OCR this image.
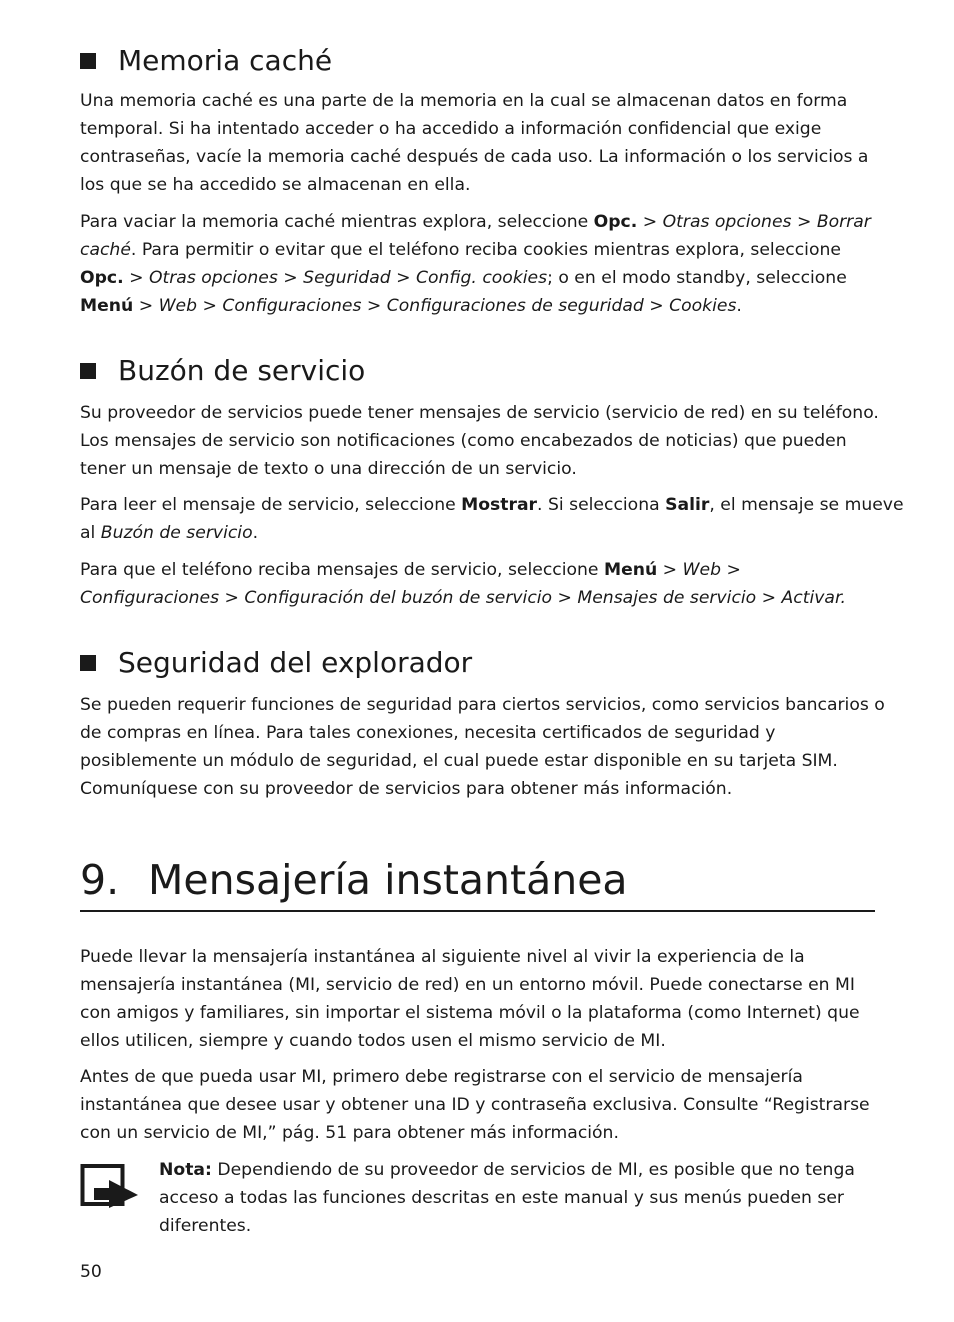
Memoria caché

Una memoria caché es una parte de la memoria en la cual se almacenan datos en forma
temporal. Si ha intentado acceder o ha accedido a información confidencial que exige
contraseñas, vacíe la memoria caché después de cada uso. La información o los servicios a
los que se ha accedido se almacenan en ella.

Para vaciar la memoria caché mientras explora, seleccione Opc. > Otras opciones > Borrar
caché. Para permitir o evitar que el teléfono reciba cookies mientras explora, seleccione
Opc. > Otras opciones > Seguridad > Config. cookies; o en el modo standby, seleccione
Menú > Web > Configuraciones > Configuraciones de seguridad > Cookies.

Buzón de servicio

Su proveedor de servicios puede tener mensajes de servicio (servicio de red) en su teléfono.
Los mensajes de servicio son notificaciones (como encabezados de noticias) que pueden
tener un mensaje de texto o una dirección de un servicio.

Para leer el mensaje de servicio, seleccione Mostrar. Si selecciona Salir, el mensaje se mueve
al Buzón de servicio.

Para que el teléfono reciba mensajes de servicio, seleccione Menú > Web >
Configuraciones > Configuración del buzón de servicio > Mensajes de servicio > Activar.

Seguridad del explorador

Se pueden requerir funciones de seguridad para ciertos servicios, como servicios bancarios o
de compras en línea. Para tales conexiones, necesita certificados de seguridad y
posiblemente un módulo de seguridad, el cual puede estar disponible en su tarjeta SIM.
Comuníquese con su proveedor de servicios para obtener más información.

9. Mensajería instantánea

Puede llevar la mensajería instantánea al siguiente nivel al vivir la experiencia de la
mensajería instantánea (MI, servicio de red) en un entorno móvil. Puede conectarse en MI
con amigos y familiares, sin importar el sistema móvil o la plataforma (como Internet) que
ellos utilicen, siempre y cuando todos usen el mismo servicio de MI.

Antes de que pueda usar MI, primero debe registrarse con el servicio de mensajería
instantánea que desee usar y obtener una ID y contraseña exclusiva. Consulte “Registrarse
con un servicio de MI,” pág. 51 para obtener más información.

Nota: Dependiendo de su proveedor de servicios de MI, es posible que no tenga
acceso a todas las funciones descritas en este manual y sus menús pueden ser
diferentes.

50
